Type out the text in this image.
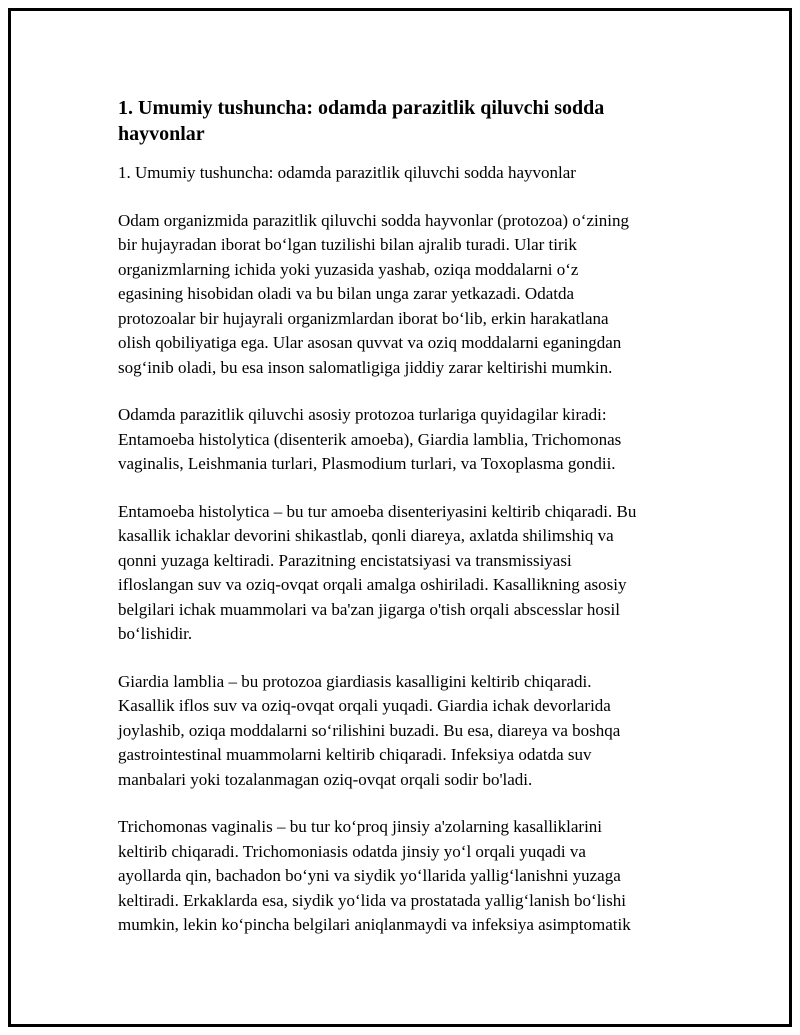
1. Umumiy tushuncha: odamda parazitlik qiluvchi sodda hayvonlar
1. Umumiy tushuncha: odamda parazitlik qiluvchi sodda hayvonlar
Odam organizmida parazitlik qiluvchi sodda hayvonlar (protozoa) o‘zining
bir hujayradan iborat bo‘lgan tuzilishi bilan ajralib turadi. Ular tirik
organizmlarning ichida yoki yuzasida yashab, oziqa moddalarni o‘z
egasining hisobidan oladi va bu bilan unga zarar yetkazadi. Odatda
protozoalar bir hujayrali organizmlardan iborat bo‘lib, erkin harakatlana
olish qobiliyatiga ega. Ular asosan quvvat va oziq moddalarni eganingdan
sog‘inib oladi, bu esa inson salomatligiga jiddiy zarar keltirishi mumkin.
Odamda parazitlik qiluvchi asosiy protozoa turlariga quyidagilar kiradi:
Entamoeba histolytica (disenterik amoeba), Giardia lamblia, Trichomonas
vaginalis, Leishmania turlari, Plasmodium turlari, va Toxoplasma gondii.
Entamoeba histolytica – bu tur amoeba disenteriyasini keltirib chiqaradi. Bu
kasallik ichaklar devorini shikastlab, qonli diareya, axlatda shilimshiq va
qonni yuzaga keltiradi. Parazitning encistatsiyasi va transmissiyasi
ifloslangan suv va oziq-ovqat orqali amalga oshiriladi. Kasallikning asosiy
belgilari ichak muammolari va ba'zan jigarga o'tish orqali abscesslar hosil
bo‘lishidir.
Giardia lamblia – bu protozoa giardiasis kasalligini keltirib chiqaradi.
Kasallik iflos suv va oziq-ovqat orqali yuqadi. Giardia ichak devorlarida
joylashib, oziqa moddalarni so‘rilishini buzadi. Bu esa, diareya va boshqa
gastrointestinal muammolarni keltirib chiqaradi. Infeksiya odatda suv
manbalari yoki tozalanmagan oziq-ovqat orqali sodir bo'ladi.
Trichomonas vaginalis – bu tur ko‘proq jinsiy a'zolarning kasalliklarini
keltirib chiqaradi. Trichomoniasis odatda jinsiy yo‘l orqali yuqadi va
ayollarda qin, bachadon bo‘yni va siydik yo‘llarida yallig‘lanishni yuzaga
keltiradi. Erkaklarda esa, siydik yo‘lida va prostatada yallig‘lanish bo‘lishi
mumkin, lekin ko‘pincha belgilari aniqlanmaydi va infeksiya asimptomatik
